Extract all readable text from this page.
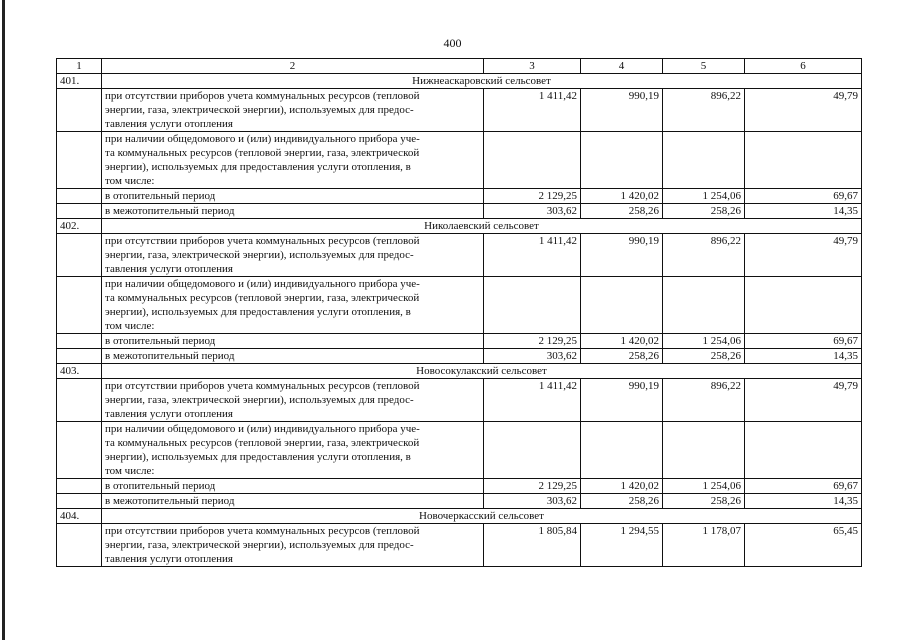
400
1	2	3	4	5	6
401.	Нижнеаскаровский сельсовет				

	при отсутствии приборов учета коммунальных ресурсов (тепловой
энергии, газа, электрической энергии), используемых для предос-
тавления услуги отопления	1 411,42	990,19	896,22	49,79

	при наличии общедомового и (или) индивидуального прибора уче-
та коммунальных ресурсов (тепловой энергии, газа, электрической
энергии), используемых для предоставления услуги отопления, в
том числе:				

	в отопительный период	2 129,25	1 420,02	1 254,06	69,67
	в межотопительный период	303,62	258,26	258,26	14,35
402.	Николаевский сельсовет				

	при отсутствии приборов учета коммунальных ресурсов (тепловой
энергии, газа, электрической энергии), используемых для предос-
тавления услуги отопления	1 411,42	990,19	896,22	49,79

	при наличии общедомового и (или) индивидуального прибора уче-
та коммунальных ресурсов (тепловой энергии, газа, электрической
энергии), используемых для предоставления услуги отопления, в
том числе:				

	в отопительный период	2 129,25	1 420,02	1 254,06	69,67
	в межотопительный период	303,62	258,26	258,26	14,35
403.	Новосокулакский сельсовет				

	при отсутствии приборов учета коммунальных ресурсов (тепловой
энергии, газа, электрической энергии), используемых для предос-
тавления услуги отопления	1 411,42	990,19	896,22	49,79

	при наличии общедомового и (или) индивидуального прибора уче-
та коммунальных ресурсов (тепловой энергии, газа, электрической
энергии), используемых для предоставления услуги отопления, в
том числе:				

	в отопительный период	2 129,25	1 420,02	1 254,06	69,67
	в межотопительный период	303,62	258,26	258,26	14,35
404.	Новочеркасский сельсовет				

	при отсутствии приборов учета коммунальных ресурсов (тепловой
энергии, газа, электрической энергии), используемых для предос-
тавления услуги отопления	1 805,84	1 294,55	1 178,07	65,45
